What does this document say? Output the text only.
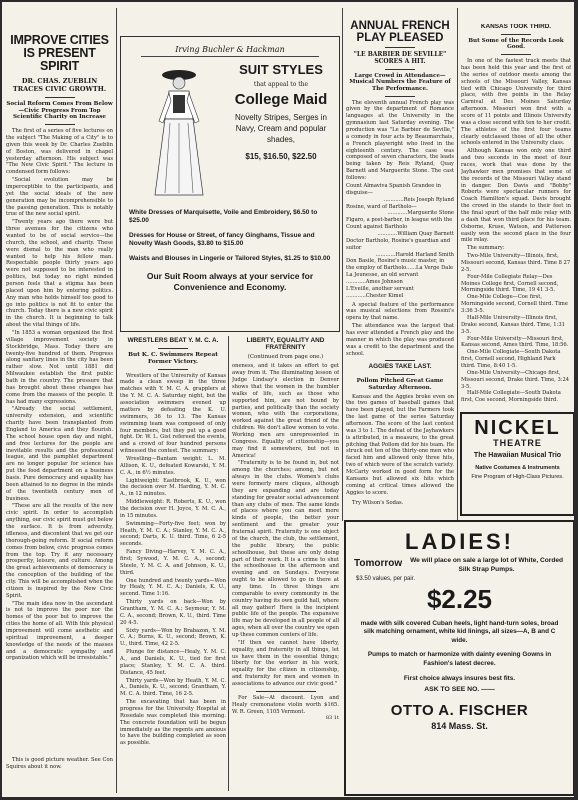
IMPROVE CITIES IS PRESENT SPIRIT
DR. CHAS. ZUEBLIN TRACES CIVIC GROWTH.
Social Reform Comes From Below—Civic Progress From Top Scientific Charity on Increase

The first of a series of five lectures on the subject "The Making of a City" is to given this week by Dr. Charles Zueblin of Boston, was delivered in chapel yesterday afternoon. His subject was "The New Civic Spirit." The lecture in condensed form follows:

"Social evolution may be imperceptible to the participants, and yet the social ideals of the new generation may be incomprehensible to the passing generation. This is notably true of the new social spirit.

"Twenty years ago there were but three avenues for the citizens who wanted to be of social service—the church, the school, and charity. These were dismal to the man who really wanted to help his fellow man. Respectable people thirty years ago were not supposed to be interested in politics, but today no right minded person feels that a stigma has been placed upon him by entering politics. Any man who holds himself too good to go into politics is not fit to enter the church. Today there is a new civic spirit in the church. It is beginning to talk about the vital things of life.

"In 1853 a woman organized the first village improvement society in Stockbridge, Mass. Today there are twenty-five hundred of them. Progress along sanitary lines in the city has been rather slow. Not until 1881 did Milwaukee establish the first public bath in the country. The pressure that has brought about these changes has come from the masses of the people. It has had many expressions.

"Already the social settlement, university extension, and scientific charity have been transplanted from England to America and they flourish. The school house open day and night, and free lectures for the people are inevitable results and the professional league, and the pamphlet department are no longer popular for science has put the food department on a business basis. Pure democracy and equality has been attained to no degree in the minds of the twentieth century men of business.

"These are all the results of the new civic spirit. In order to accomplish anything, our civic spirit must get below the surface. It is from adversity, idleness, and discontent that we get our thorough-going reform. If social reform comes from below, civic progress comes from the top. Try it any necessary prosperity, leisure, and culture. Among the great achievements of democracy is the conception of the building of the city. This will be accomplished when the citizen is inspired by the New Civic Spirit.

"The main idea now in the ascendant is not to improve the poor nor the homes of the poor but to improve the cities the home of all. With this physical improvement will come aesthetic and spiritual improvement, a deeper knowledge of the needs of the masses and a democratic sympathy and organization which will be irresistable."

This is good picture weather. See Con Squires about it now.
Irving Buchler & Hackman
SUIT STYLES
that appeal to the
College Maid
Novelty Stripes, Serges in Navy, Cream and popular shades,
$15, $16.50, $22.50
White Dresses of Marquisette, Voile and Embroidery, $6.50 to $25.00
Dresses for House or Street, of fancy Ginghams, Tissue and Novelty Wash Goods, $3.80 to $15.00
Waists and Blouses in Lingerie or Tailored Styles, $1.25 to $10.00
Our Suit Room always at your service for Convenience and Economy.
WRESTLERS BEAT Y. M. C. A.
But K. C. Swimmers Repeat Former Victory.

Wrestlers of the University of Kansas made a clean sweep in the three matches with Y. M. C. A. grapplers at the Y. M. C. A. Saturday night, but the association swimmers evened up matters by defeating the K. U. swimmers, 36 to 13. The Kansas swimming team was composed of only four members, but they put up a good fight. Dr. W. L. Gist refereed the events, and a crowd of four hundred persons witnessed the contest. The summary:

Wrestling—Bantam weight: L. M. Allison, K. U., defeated Kowarski, Y. M. C. A., in 6½ minutes.

Lightweight: Eastbrook, K. U., won the decision over M. Harding, Y. M. C. A., in 12 minutes.

Middleweight: R. Roberts, K. U., won the decision over H. Joyce, Y. M. C. A., in 15 minutes.

Swimming—Forty-five feet; won by Heath, Y. M. C. A.; Stanley, Y. M. C. A., second; Darts, K. U. third. Time, 6 2-5 seconds.

Fancy Diving—Harvey, Y. M. C. A., first; Sywood, Y. M. C. A., second; Steele, Y. M. C. A. and Johnson, K. U., third.

One hundred and twenty yards—Won by Healy, Y. M. C. A.; Daniels, K. U., second. Time 1:16.

Thirty yards on back—Won by Grantham, Y. M. C. A.; Seymour, Y. M. C. A., second; Brown, K. U., third. Time 20 4-5.

Sixty yards—Won by Brabazon, Y. M. C. A.; Burns, K. U., second; Brown, K. U., third. Time, 42 2-5.

Plunge for distance—Healy, Y. M. C. A., and Daniels, K. U., tied for first place; Stanley, Y. M. C. A. third. Distance, 45 feet.

Thirty yards—Won by Heath, Y. M. C. A., Daniels, K. U., second; Grantham, Y. M. C. A. third. Time, 16 2-5.

The excavating that has been in progress for the University Hospital at Rosedale was completed this morning. The concrete foundation will be begun immediately as the regents are anxious to have the building completed as soon as possible.

LIBERTY, EQUALITY AND FRATERNITY
(Continued from page one.)

oneness, and it takes an effort to get away from it. The illuminating lesson of Judge Lindsay's election in Denver shows that the women in the humbler walks of life, such as those who supported him, are not bound by parties, and politically than the society women, who with the corporations, worked against the great friend of the children. We don't allow women to vote. Working men are unrepresented in Congress. Equality of citizenship—you may find it somewhere, but not in America!

"Fraternity is to be found in, but not among the churches; among, but not always in the clubs. Women's clubs were formerly mere cliques, although they are expanding and are today standing for greater social advancement than any clubs of men. The same kinds of places where you can meet more kinds of people, the better your sentiment and the greater your fraternal spirit. Fraternity is one object of the church, the club, the settlement, the public library, the public schoolhouse, but these are only doing part of their work. It is a crime to shut the schoolhouse in the afternoon and evening and on Sundays. Everyone ought to be allowed to go in there at any time. In three things are comparable to every community in the country having its own guild hall, where all may gather! Here is the incipient public life of the people. The expansive life may be developed in all people of all ages, when all over the country we open up these common centers of life.

"If then we cannot have liberty, equality, and fraternity in all things, let us have them in the essential things; liberty for the worker in his work, equality for the citizen in citizenship, and fraternity for men and women in associations to advance our civic good."

For Sale—At discount. Lyon and Healy cremonatone violin worth $165. W. R. Green, 1105 Vermont.
83 1t
ANNUAL FRENCH PLAY PLEASED
"LE BARBIER DE SEVILLE" SCORES A HIT.
Large Crowd in Attendance—Musical Numbers the Feature of The Performance.

The eleventh annual French play was given by the department of Romance languages at the University in the gymnasium last Saturday evening. The production was "Le Barbier de Seville," a comedy in four acts by Beaumarchais, a French playwright who lived in the eighteenth century. The case was composed of seven characters, the leads being taken by Reis Ryland, Quay Barnett and Marguerite Stone. The cast follows:

Count Almaviva Spanish Grandee in disguise—
............Reis Joseph Ryland
Rosine, ward of Bartholo—
............Marguerite Stone
Figaro, a post-barber, in league with the Count against Bartholo
............William Quay Barnett
Doctor Bartholo, Rosine's guardian and suitor
............Harold Harland Smith
Don Basile, Rosine's music master, in the employ of Bartholo......La Verge Dale
La Jeunesse, an old servant ............Ames Johnson
L'Eveille, another servant ............Chester Kimel

A special feature of the performance was musical selections from Rossini's opera by that name.

The attendance was the largest that has ever attended a French play and the manner in which the play was produced was a credit to the department and the school.

AGGIES TAKE LAST.
Pollom Pitched Great Game Saturday Afternoon.

Kansas and the Aggies broke even on the two games of baseball games that have been played, but the Farmers took the last game of the series Saturday afternoon. The score of the last contest was 3 to 1. The defeat of the Jayhawkers is attributed, in a measure, to the great pitching that Pollom did for his team. He struck out ten of the thirty-one men who faced him and allowed only three hits, two of which were of the scratch variety. McCarty worked in good form for the Kansans but allowed six hits which coming at critical times allowed the Aggies to score.

Try Wilson's Sodas.
KANSAS TOOK THIRD.
But Some of the Records Look Good.

In one of the fastest track meets that has been held this year and the first of the series of outdoor meets among the schools of the Missouri Valley, Kansas tied with Chicago University for third place, with five points in the Relay Carnival at Des Moines Saturday afternoon. Missouri won first with a score of 11 points and Illinois University was a close second with ten to her credit. The athletes of the first four teams clearly outclassed those of all the other schools entered in the University class.

Although Kansas won only one third and two seconds in the meet of four races, work that was done by the Jayhawker men promises that some of the records of the Missouri Valley stand in danger. Don Davis and "Bobby" Roberts were spectacular runners for Coach Hamilton's squad. Davis brought the crowd in the stands to their feet in the final spurt of the half mile relay with a dash that won third place for his team. Osborne, Kruse, Watson, and Patterson easily won the second place in the four mile relay.

The summary:

Two-Mile University—Illinois, first, Missouri second, Kansas third. Time 8 27 2-5.
Four-Mile Collegiate Relay—Des Moines College first, Cornell second, Morningside third. Time, 19 41 3-5.
One-Mile College—Coe first, Morningside second, Cornell third. Time 3:36 3-5.
Half-Mile University—Illinois first, Drake second, Kansas third. Time, 1:31 3-5.
Four-Mile University—Missouri first, Kansas second, Ames third. Time, 18:56.
One-Mile Collegiate—South Dakota first, Cornell second, Highland Park third. Time, 8:40 1-5.
One-Mile University—Chicago first, Missouri second, Drake third. Time, 3:24 3-5.
Half-Mile Collegiate—South Dakota first, Coe second, Morningside third.
NICKEL
THEATRE
The Hawaiian Musical Trio
Native Costumes & Instruments
Fine Program of High-Class Pictures.
LADIES!
Tomorrow We will place on sale a large lot of White, Corded Silk Strap Pumps.
$3.50 values, per pair.
$2.25
made with silk covered Cuban heels, light hand-turn soles, broad silk matching ornament, white kid linings, all sizes—A, B and C wide.
Pumps to match or harmonize with dainty evening Gowns in Fashion's latest decree.
First choice always insures best fits.
ASK TO SEE NO. ——
OTTO A. FISCHER
814 Mass. St.
